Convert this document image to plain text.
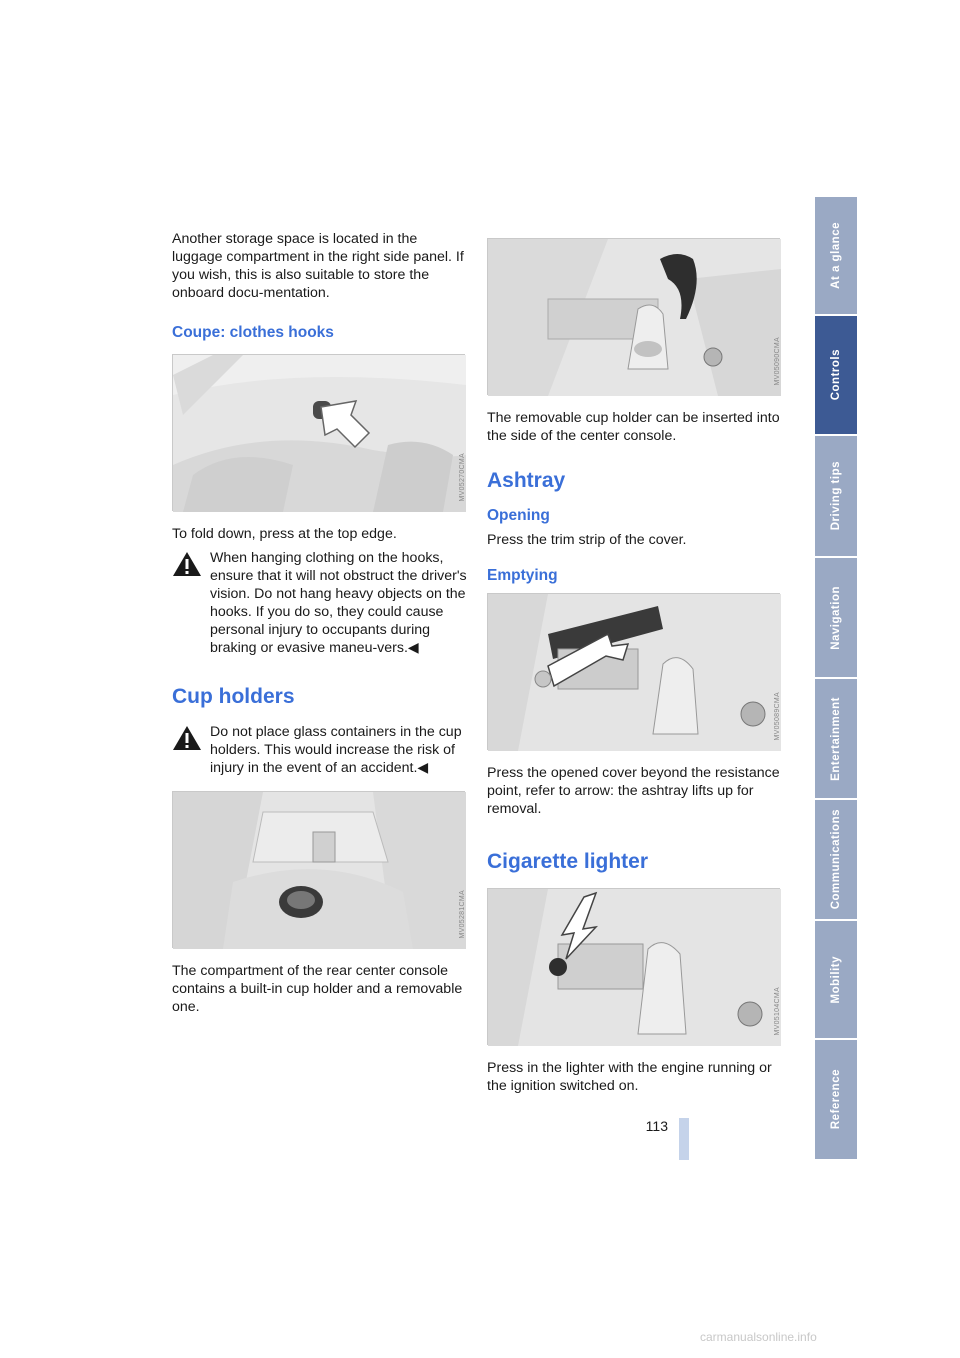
Another storage space is located in the luggage compartment in the right side panel. If you wish, this is also suitable to store the onboard docu-mentation.

Coupe: clothes hooks
MV05270CMA

To fold down, press at the top edge.

When hanging clothing on the hooks, ensure that it will not obstruct the driver's vision. Do not hang heavy objects on the hooks. If you do so, they could cause personal injury to occupants during braking or evasive maneu-vers.◀

Cup holders

Do not place glass containers in the cup holders. This would increase the risk of injury in the event of an accident.◀

MV05281CMA

The compartment of the rear center console contains a built-in cup holder and a removable one.

MV05090CMA

The removable cup holder can be inserted into the side of the center console.

Ashtray
Opening

Press the trim strip of the cover.

Emptying
MV05089CMA

Press the opened cover beyond the resistance point, refer to arrow: the ashtray lifts up for removal.

Cigarette lighter
MV05104CMA

Press in the lighter with the engine running or the ignition switched on.

At a glance
Controls
Driving tips
Navigation
Entertainment
Communications
Mobility
Reference
113
carmanualsonline.info
